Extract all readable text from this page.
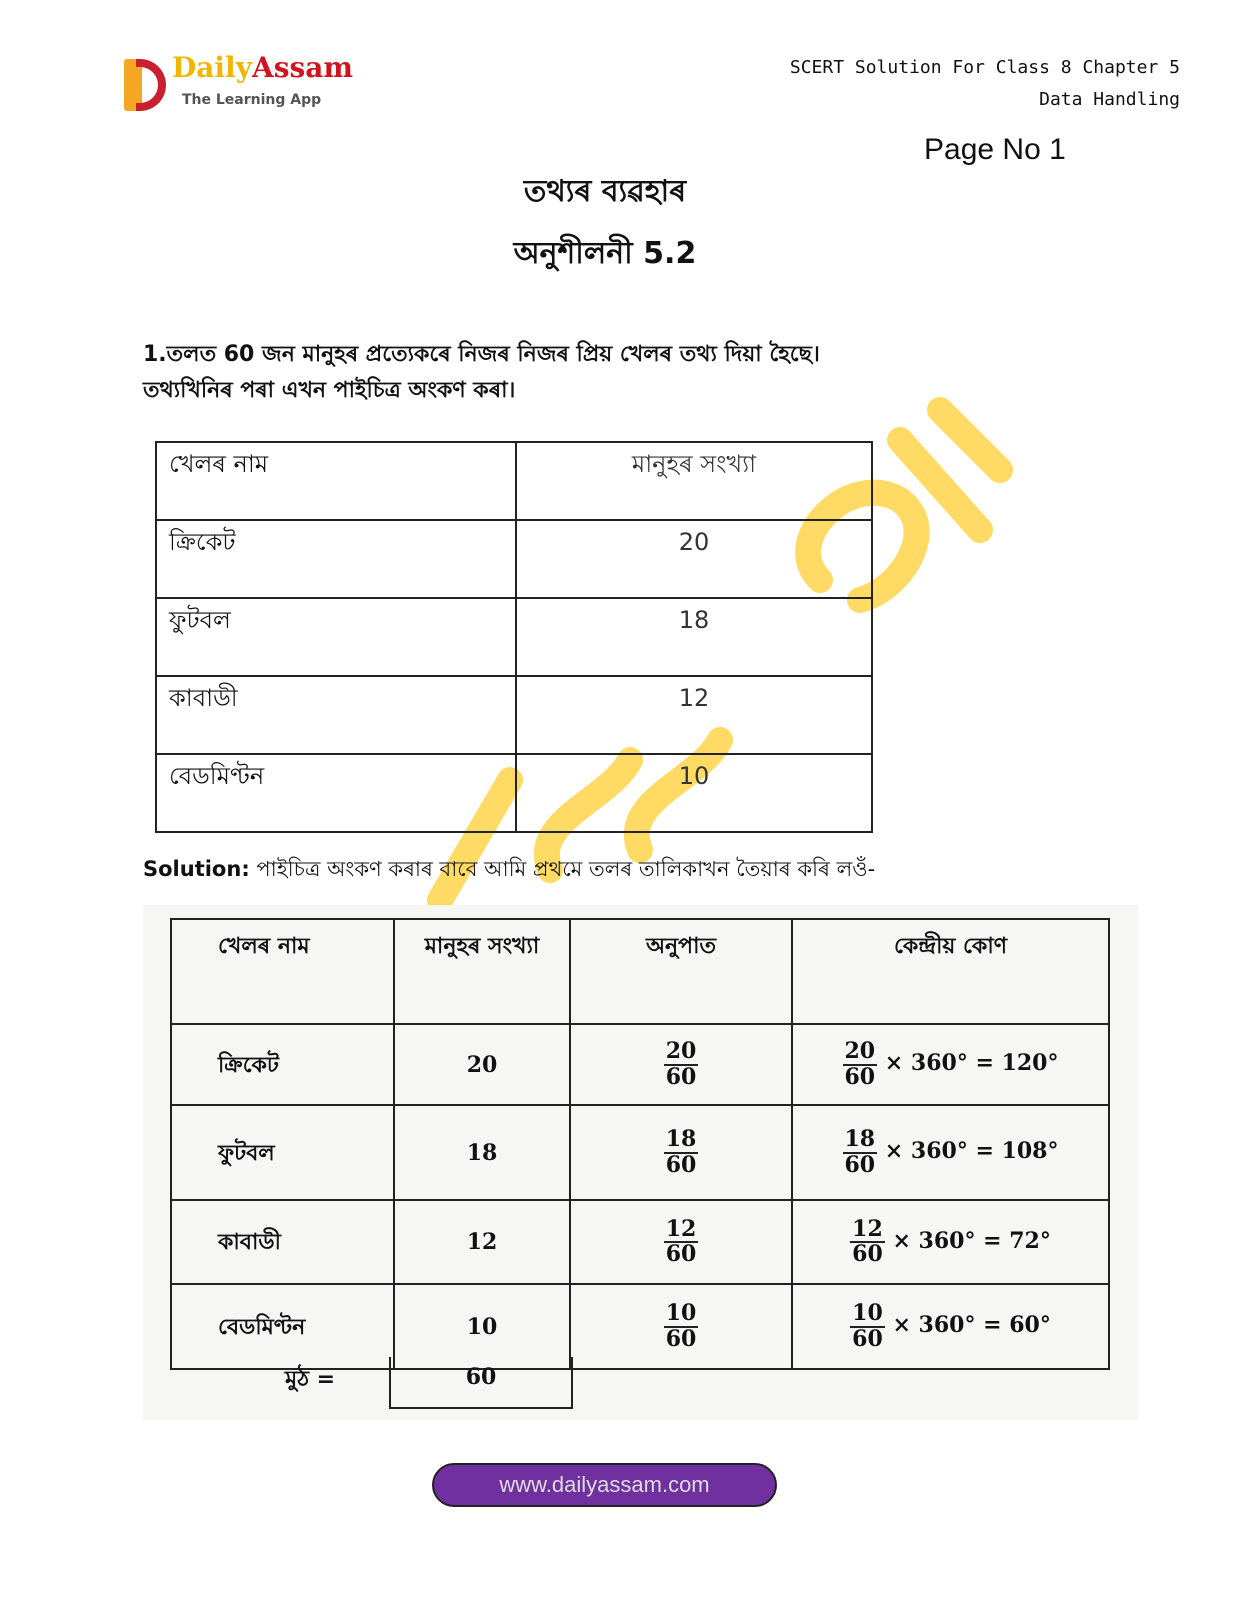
DailyAssam
The Learning App
SCERT Solution For Class 8 Chapter 5
Data Handling
Page No 1
তথ্যৰ ব্যৱহাৰ
অনুশীলনী 5.2
1.তলত 60 জন মানুহৰ প্ৰত্যেকৰে নিজৰ নিজৰ প্ৰিয় খেলৰ তথ্য দিয়া হৈছে।
তথ্যখিনিৰ পৰা এখন পাইচিত্ৰ অংকণ কৰা।
খেলৰ নাম	মানুহৰ সংখ্যা
ক্ৰিকেট	20
ফুটবল	18
কাবাডী	12
বেডমিণ্টন	10
Solution: পাইচিত্ৰ অংকণ কৰাৰ বাবে আমি প্ৰথমে তলৰ তালিকাখন তৈয়াৰ কৰি লওঁ-
খেলৰ নাম	মানুহৰ সংখ্যা	অনুপাত	কেন্দ্ৰীয় কোণ
ক্ৰিকেট	20	$\frac{20}{60}$	$\frac{20}{60} \times 360^\circ = 120^\circ$
ফুটবল	18	$\frac{18}{60}$	$\frac{18}{60} \times 360^\circ = 108^\circ$
কাবাডী	12	$\frac{12}{60}$	$\frac{12}{60} \times 360^\circ = 72^\circ$
বেডমিণ্টন	10	$\frac{10}{60}$	$\frac{10}{60} \times 360^\circ = 60^\circ$
মুঠ =	60
www.dailyassam.com
